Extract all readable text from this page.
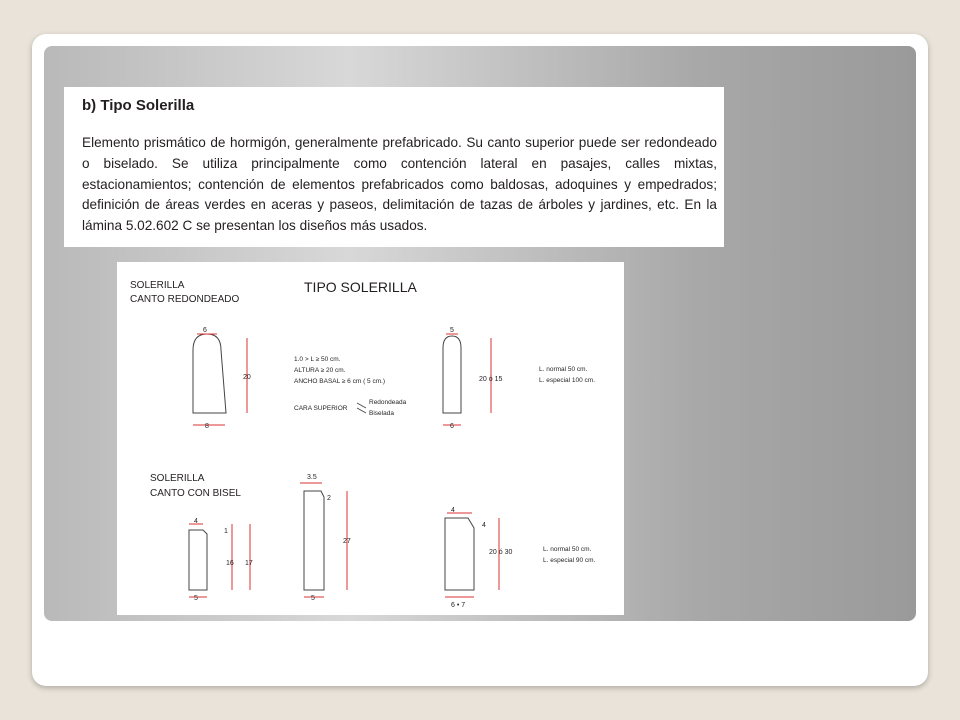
b) Tipo Solerilla
Elemento prismático de hormigón, generalmente prefabricado. Su canto superior puede ser redondeado o biselado. Se utiliza principalmente como contención lateral en pasajes, calles mixtas, estacionamientos; contención de elementos prefabricados como baldosas, adoquines y empedrados; definición de áreas verdes en aceras y paseos, delimitación de tazas de árboles y jardines, etc. En la lámina 5.02.602 C se presentan los diseños más usados.
SOLERILLA
CANTO REDONDEADO
TIPO SOLERILLA
6
20
8
1.0 > L ≥ 50 cm.
ALTURA ≥ 20 cm.
ANCHO BASAL ≥ 6 cm ( 5 cm.)
CARA SUPERIOR
Redondeada
Biselada
5
20 ó 15
6
L. normal 50 cm.
L. especial 100 cm.
SOLERILLA
CANTO CON BISEL
4
1
16 17
5
3.5
2
27
5
4
4
20 ó 30
6 • 7
L. normal 50 cm.
L. especial 90 cm.
